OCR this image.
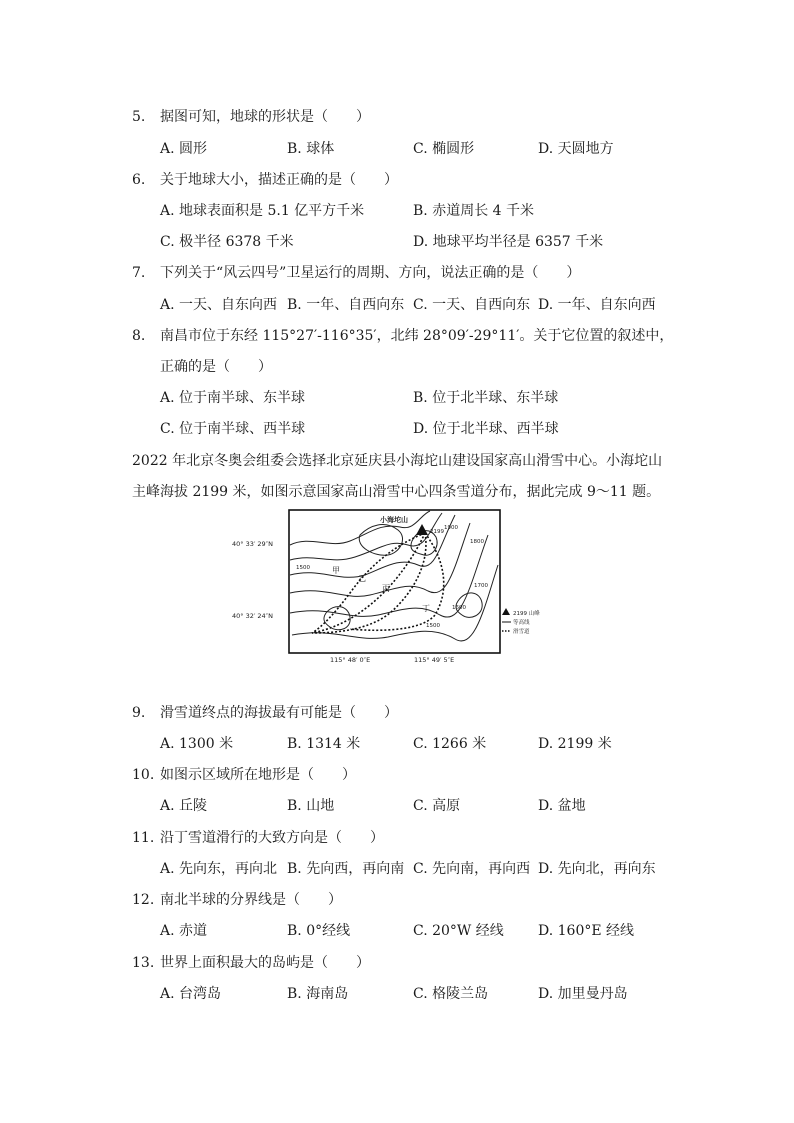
5. 据图可知，地球的形状是（　　）
A. 圆形	B. 球体	C. 椭圆形	D. 天圆地方
6. 关于地球大小，描述正确的是（　　）
A. 地球表面积是 5.1 亿平方千米	B. 赤道周长 4 千米
C. 极半径 6378 千米	D. 地球平均半径是 6357 千米
7. 下列关于“风云四号”卫星运行的周期、方向，说法正确的是（　　）
A. 一天、自东向西 B. 一年、自西向东 C. 一天、自西向东 D. 一年、自东向西
8. 南昌市位于东经 115°27′-116°35′，北纬 28°09′-29°11′。关于它位置的叙述中，
正确的是（　　）
A. 位于南半球、东半球	B. 位于北半球、东半球
C. 位于南半球、西半球	D. 位于北半球、西半球
2022 年北京冬奥会组委会选择北京延庆县小海坨山建设国家高山滑雪中心。小海坨山
主峰海拔 2199 米，如图示意国家高山滑雪中心四条雪道分布，据此完成 9～11 题。
40° 33′ 29″N
40° 32′ 24″N
115° 48′ 0″E	115° 49′ 5″E
小海坨山
2199
1500
1800
1700
1600
1900
1500
甲
乙
丙
丁
2199 山峰
等高线
滑雪道
9. 滑雪道终点的海拔最有可能是（　　）
A. 1300 米	B. 1314 米	C. 1266 米	D. 2199 米
10. 如图示区域所在地形是（　　）
A. 丘陵	B. 山地	C. 高原	D. 盆地
11. 沿丁雪道滑行的大致方向是（　　）
A. 先向东，再向北 B. 先向西，再向南 C. 先向南，再向西 D. 先向北，再向东
12. 南北半球的分界线是（　　）
A. 赤道	B. 0°经线	C. 20°W 经线 D. 160°E 经线
13. 世界上面积最大的岛屿是（　　）
A. 台湾岛	B. 海南岛	C. 格陵兰岛	D. 加里曼丹岛
